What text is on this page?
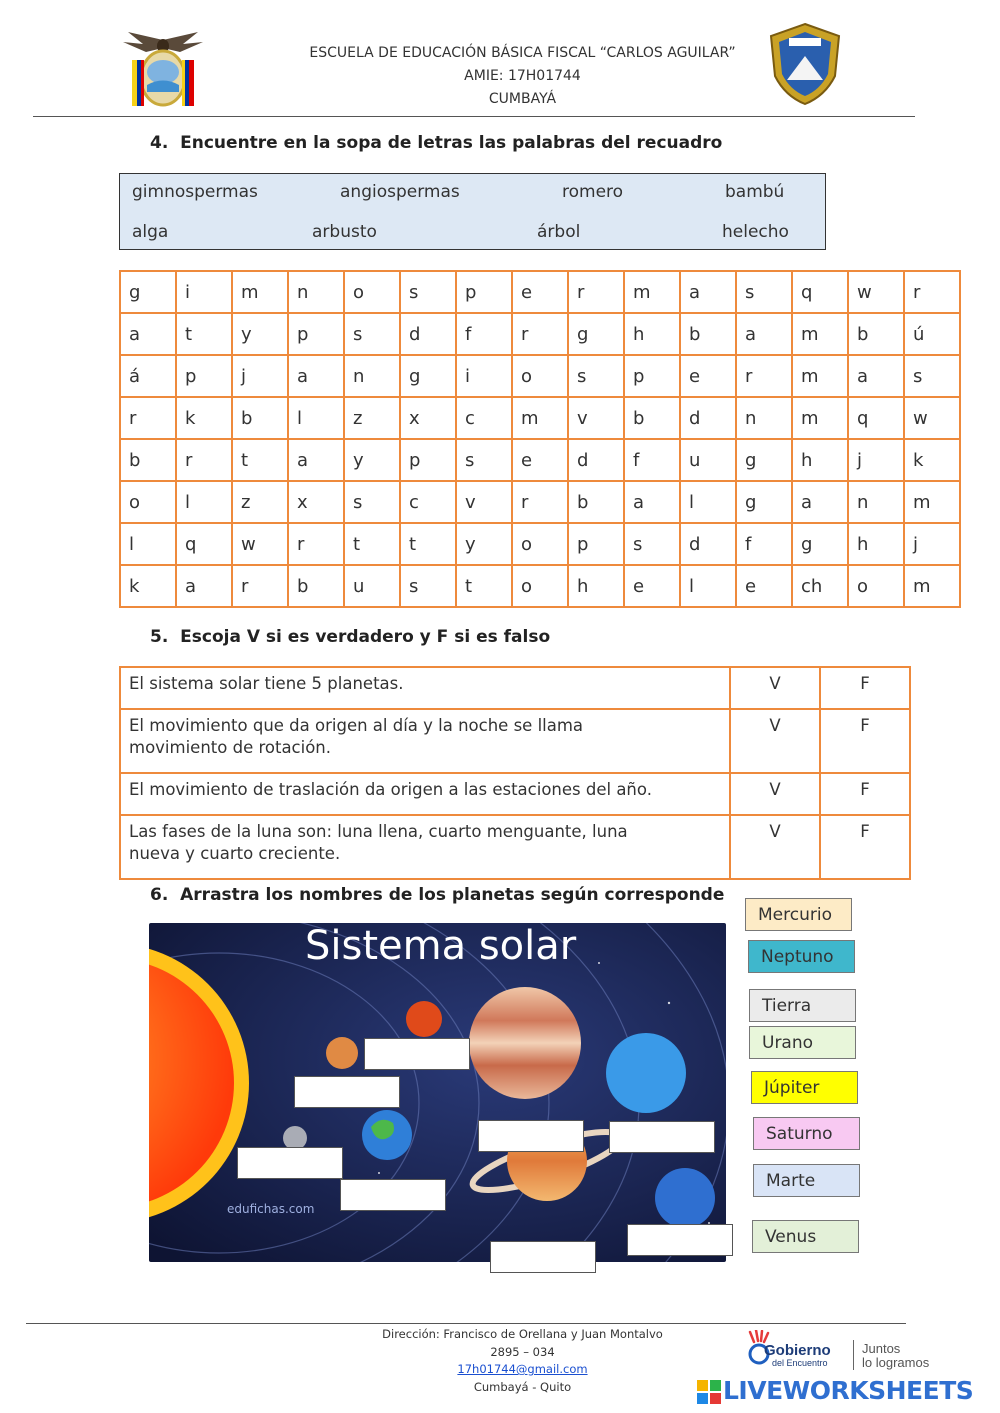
ESCUELA DE EDUCACIÓN BÁSICA FISCAL “CARLOS AGUILAR”
AMIE: 17H01744
CUMBAYÁ
4. Encuentre en la sopa de letras las palabras del recuadro
gimnospermas	angiospermas	romero	bambú
alga	arbusto	árbol	helecho
g	i	m	n	o	s	p	e	r	m	a	s	q	w	r
a	t	y	p	s	d	f	r	g	h	b	a	m	b	ú
á	p	j	a	n	g	i	o	s	p	e	r	m	a	s
r	k	b	l	z	x	c	m	v	b	d	n	m	q	w
b	r	t	a	y	p	s	e	d	f	u	g	h	j	k
o	l	z	x	s	c	v	r	b	a	l	g	a	n	m
l	q	w	r	t	t	y	o	p	s	d	f	g	h	j
k	a	r	b	u	s	t	o	h	e	l	e	ch	o	m
5. Escoja V si es verdadero y F si es falso
El sistema solar tiene 5 planetas.	V	F
El movimiento que da origen al día y la noche se llama movimiento de rotación.	V	F
El movimiento de traslación da origen a las estaciones del año.	V	F
Las fases de la luna son: luna llena, cuarto menguante, luna nueva y cuarto creciente.	V	F
6. Arrastra los nombres de los planetas según corresponde
Sistema solar
edufichas.com
Mercurio
Neptuno
Tierra
Urano
Júpiter
Saturno
Marte
Venus
Dirección: Francisco de Orellana y Juan Montalvo
2895 – 034
17h01744@gmail.com
Cumbayá - Quito
Gobierno
del Encuentro
Juntos
lo logramos
LIVEWORKSHEETS
